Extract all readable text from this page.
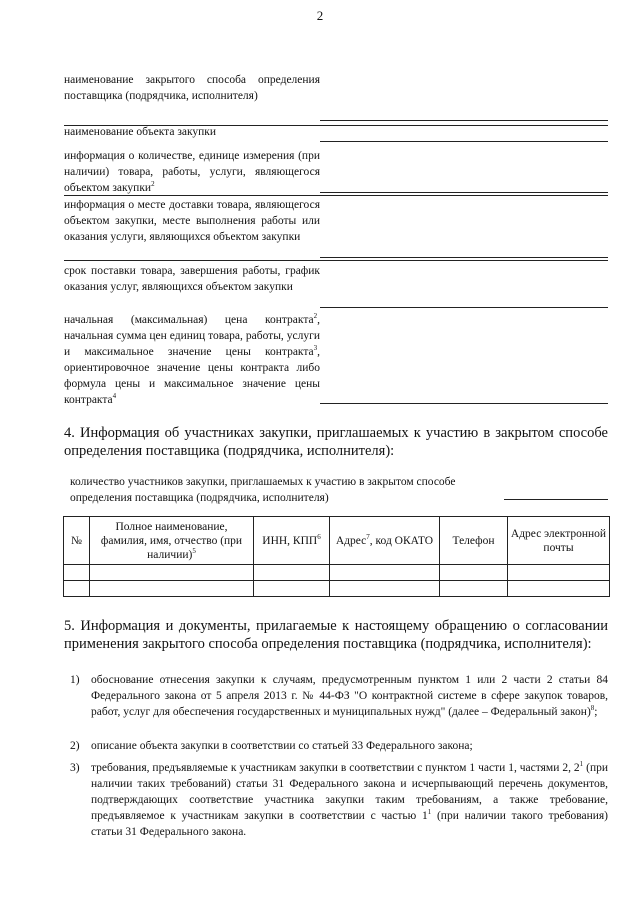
2
наименование закрытого способа определения поставщика (подрядчика, исполнителя)
наименование объекта закупки
информация о количестве, единице измерения (при наличии) товара, работы, услуги, являющегося объектом закупки$^2$
информация о месте доставки товара, являющегося объектом закупки, месте выполнения работы или оказания услуги, являющихся объектом закупки
срок поставки товара, завершения работы, график оказания услуг, являющихся объектом закупки
начальная (максимальная) цена контракта$^2$, начальная сумма цен единиц товара, работы, услуги и максимальное значение цены контракта$^3$, ориентировочное значение цены контракта либо формула цены и максимальное значение цены контракта$^4$
4. Информация об участниках закупки, приглашаемых к участию в закрытом способе определения поставщика (подрядчика, исполнителя):
количество участников закупки, приглашаемых к участию в закрытом способе определения поставщика (подрядчика, исполнителя)
№	Полное наименование, фамилия, имя, отчество (при наличии)$^5$	ИНН, КПП$^6$	Адрес$^7$, код ОКАТО	Телефон	Адрес электронной почты

5. Информация и документы, прилагаемые к настоящему обращению о согласовании применения закрытого способа определения поставщика (подрядчика, исполнителя):
1) обоснование отнесения закупки к случаям, предусмотренным пунктом 1 или 2 части 2 статьи 84 Федерального закона от 5 апреля 2013 г. № 44-ФЗ "О контрактной системе в сфере закупок товаров, работ, услуг для обеспечения государственных и муниципальных нужд" (далее – Федеральный закон)$^8$;
2) описание объекта закупки в соответствии со статьей 33 Федерального закона;
3) требования, предъявляемые к участникам закупки в соответствии с пунктом 1 части 1, частями 2, $2^1$ (при наличии таких требований) статьи 31 Федерального закона и исчерпывающий перечень документов, подтверждающих соответствие участника закупки таким требованиям, а также требование, предъявляемое к участникам закупки в соответствии с частью $1^1$ (при наличии такого требования) статьи 31 Федерального закона.
